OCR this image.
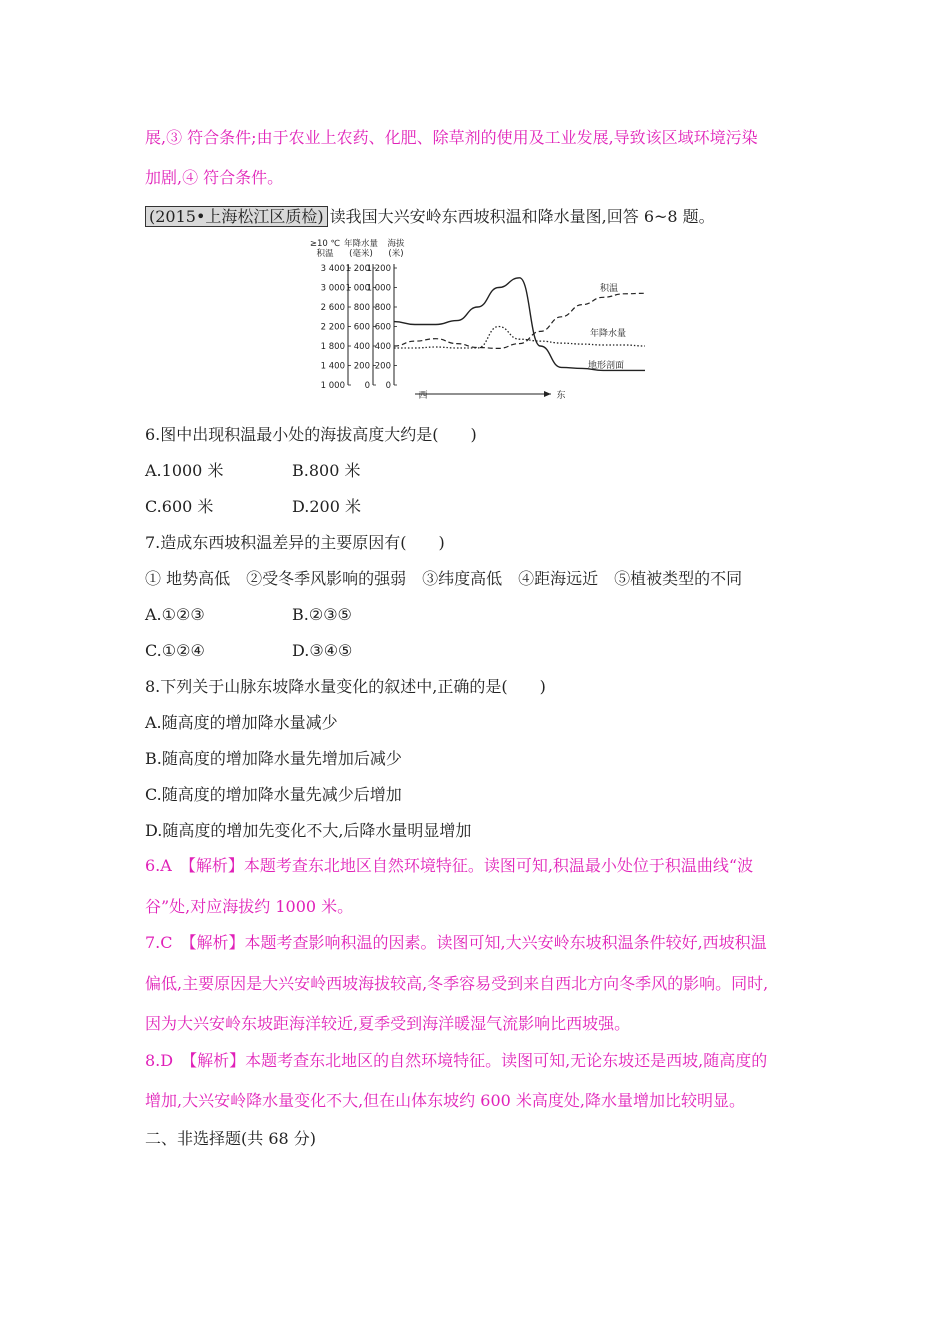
展,③ 符合条件;由于农业上农药、化肥、除草剂的使用及工业发展,导致该区域环境污染
加剧,④ 符合条件。
(2015•上海松江区质检) 读我国大兴安岭东西坡积温和降水量图,回答 6~8 题。
≥10 ℃
积温
年降水量
(毫米)
海拔
(米)
3 400
3 000
2 600
2 200
1 800
1 400
1 000
1 200
1 000
800
600
400
200
0
1 200
1 000
800
600
400
200
0
西	东
积温
年降水量
地形剖面
6.图中出现积温最小处的海拔高度大约是(　　)
A.1000 米	B.800 米
C.600 米	D.200 米
7.造成东西坡积温差异的主要原因有(　　)
① 地势高低　②受冬季风影响的强弱　③纬度高低　④距海远近　⑤植被类型的不同
A.①②③	B.②③⑤
C.①②④	D.③④⑤
8.下列关于山脉东坡降水量变化的叙述中,正确的是(　　)
A.随高度的增加降水量减少
B.随高度的增加降水量先增加后减少
C.随高度的增加降水量先减少后增加
D.随高度的增加先变化不大,后降水量明显增加
6.A　【解析】本题考查东北地区自然环境特征。读图可知,积温最小处位于积温曲线“波
谷”处,对应海拔约 1000 米。
7.C　【解析】本题考查影响积温的因素。读图可知,大兴安岭东坡积温条件较好,西坡积温
偏低,主要原因是大兴安岭西坡海拔较高,冬季容易受到来自西北方向冬季风的影响。同时,
因为大兴安岭东坡距海洋较近,夏季受到海洋暖湿气流影响比西坡强。
8.D　【解析】本题考查东北地区的自然环境特征。读图可知,无论东坡还是西坡,随高度的
增加,大兴安岭降水量变化不大,但在山体东坡约 600 米高度处,降水量增加比较明显。
二、非选择题(共 68 分)
